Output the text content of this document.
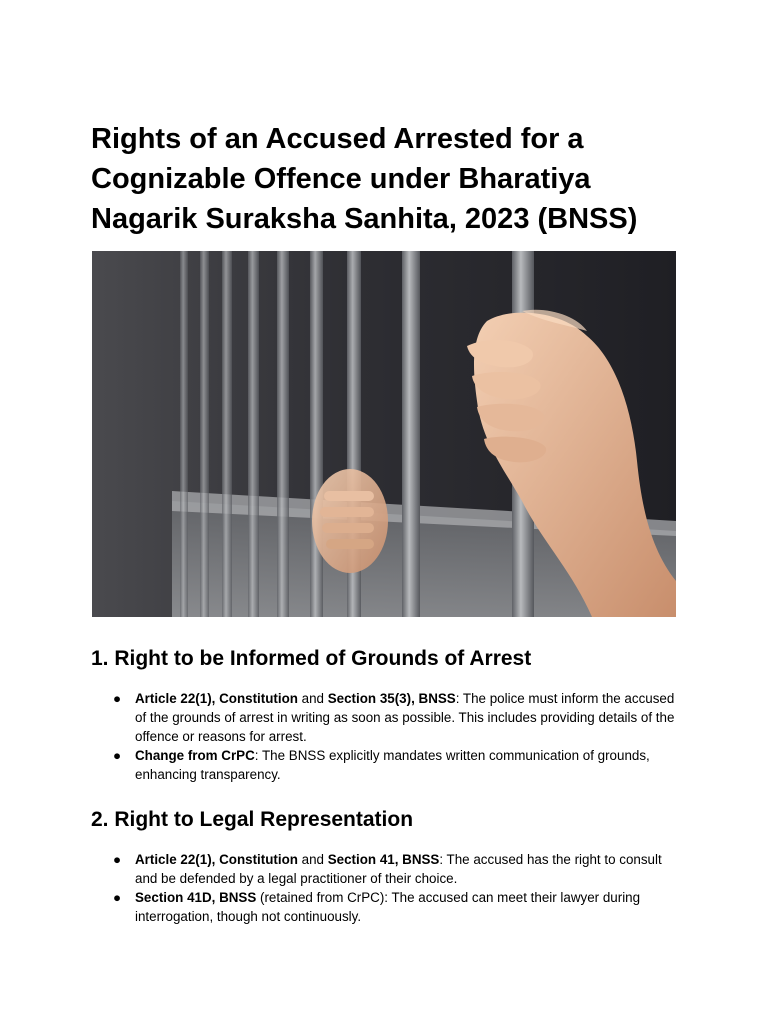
Rights of an Accused Arrested for a Cognizable Offence under Bharatiya Nagarik Suraksha Sanhita, 2023 (BNSS)
1. Right to be Informed of Grounds of Arrest
● Article 22(1), Constitution and Section 35(3), BNSS: The police must inform the accused of the grounds of arrest in writing as soon as possible. This includes providing details of the offence or reasons for arrest.
● Change from CrPC: The BNSS explicitly mandates written communication of grounds, enhancing transparency.
2. Right to Legal Representation
● Article 22(1), Constitution and Section 41, BNSS: The accused has the right to consult and be defended by a legal practitioner of their choice.
● Section 41D, BNSS (retained from CrPC): The accused can meet their lawyer during interrogation, though not continuously.
